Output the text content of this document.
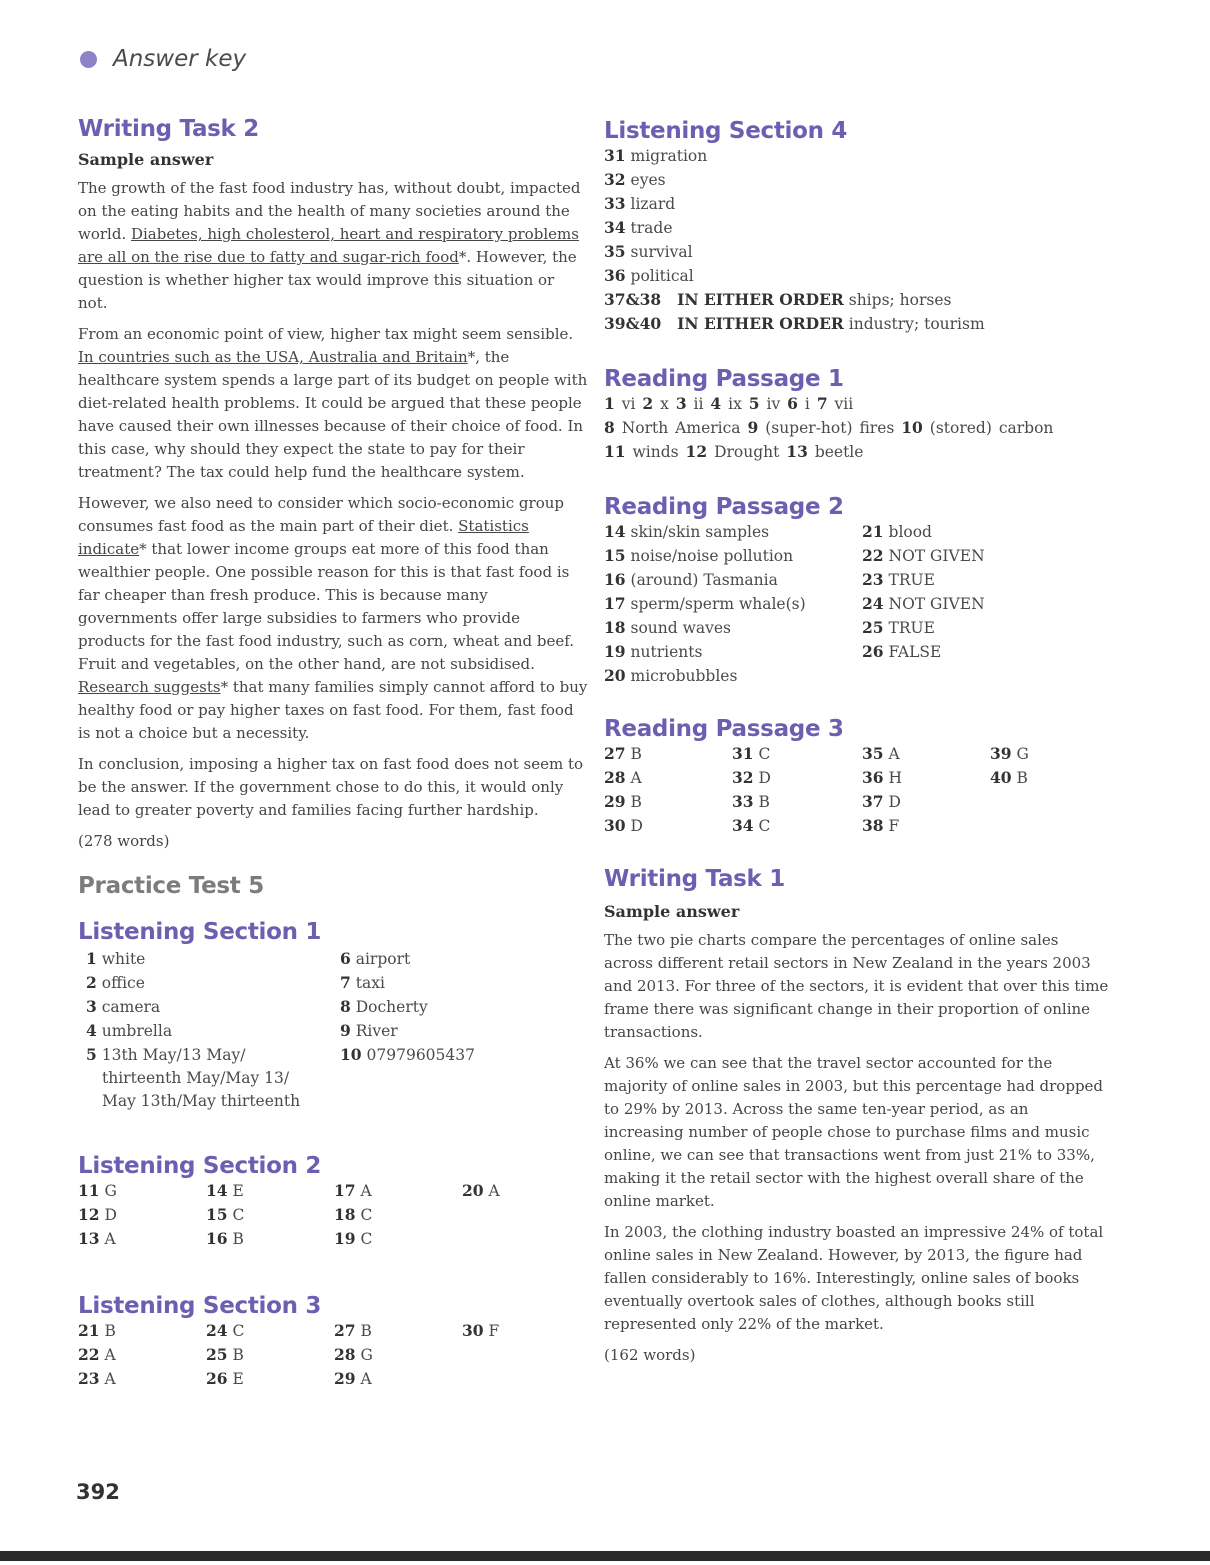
Answer key
Writing Task 2
Sample answer

The growth of the fast food industry has, without doubt, impacted on the eating habits and the health of many societies around the world. Diabetes, high cholesterol, heart and respiratory problems are all on the rise due to fatty and sugar-rich food*. However, the question is whether higher tax would improve this situation or not.

From an economic point of view, higher tax might seem sensible. In countries such as the USA, Australia and Britain*, the healthcare system spends a large part of its budget on people with diet-related health problems. It could be argued that these people have caused their own illnesses because of their choice of food. In this case, why should they expect the state to pay for their treatment? The tax could help fund the healthcare system.

However, we also need to consider which socio-economic group consumes fast food as the main part of their diet. Statistics indicate* that lower income groups eat more of this food than wealthier people. One possible reason for this is that fast food is far cheaper than fresh produce. This is because many governments offer large subsidies to farmers who provide products for the fast food industry, such as corn, wheat and beef. Fruit and vegetables, on the other hand, are not subsidised. Research suggests* that many families simply cannot afford to buy healthy food or pay higher taxes on fast food. For them, fast food is not a choice but a necessity.

In conclusion, imposing a higher tax on fast food does not seem to be the answer. If the government chose to do this, it would only lead to greater poverty and families facing further hardship.

(278 words)

Practice Test 5
Listening Section 1
1 white
2 office
3 camera
4 umbrella
5 13th May/13 May/
thirteenth May/May 13/
May 13th/May thirteenth
6 airport
7 taxi
8 Docherty
9 River
10 07979605437
Listening Section 2
11 G	14 E	17 A	20 A
12 D	15 C	18 C
13 A	16 B	19 C
Listening Section 3
21 B	24 C	27 B	30 F
22 A	25 B	28 G
23 A	26 E	29 A
Listening Section 4
31 migration
32 eyes
33 lizard
34 trade
35 survival
36 political
37&38 IN EITHER ORDER ships; horses
39&40 IN EITHER ORDER industry; tourism
Reading Passage 1
1 vi 2 x 3 ii 4 ix 5 iv 6 i 7 vii
8 North America 9 (super-hot) fires 10 (stored) carbon
11 winds 12 Drought 13 beetle
Reading Passage 2
14 skin/skin samples
15 noise/noise pollution
16 (around) Tasmania
17 sperm/sperm whale(s)
18 sound waves
19 nutrients
20 microbubbles
21 blood
22 NOT GIVEN
23 TRUE
24 NOT GIVEN
25 TRUE
26 FALSE
Reading Passage 3
27 B	31 C	35 A	39 G
28 A	32 D	36 H	40 B
29 B	33 B	37 D
30 D	34 C	38 F
Writing Task 1
Sample answer

The two pie charts compare the percentages of online sales across different retail sectors in New Zealand in the years 2003 and 2013. For three of the sectors, it is evident that over this time frame there was significant change in their proportion of online transactions.

At 36% we can see that the travel sector accounted for the majority of online sales in 2003, but this percentage had dropped to 29% by 2013. Across the same ten-year period, as an increasing number of people chose to purchase films and music online, we can see that transactions went from just 21% to 33%, making it the retail sector with the highest overall share of the online market.

In 2003, the clothing industry boasted an impressive 24% of total online sales in New Zealand. However, by 2013, the figure had fallen considerably to 16%. Interestingly, online sales of books eventually overtook sales of clothes, although books still represented only 22% of the market.

(162 words)

392
